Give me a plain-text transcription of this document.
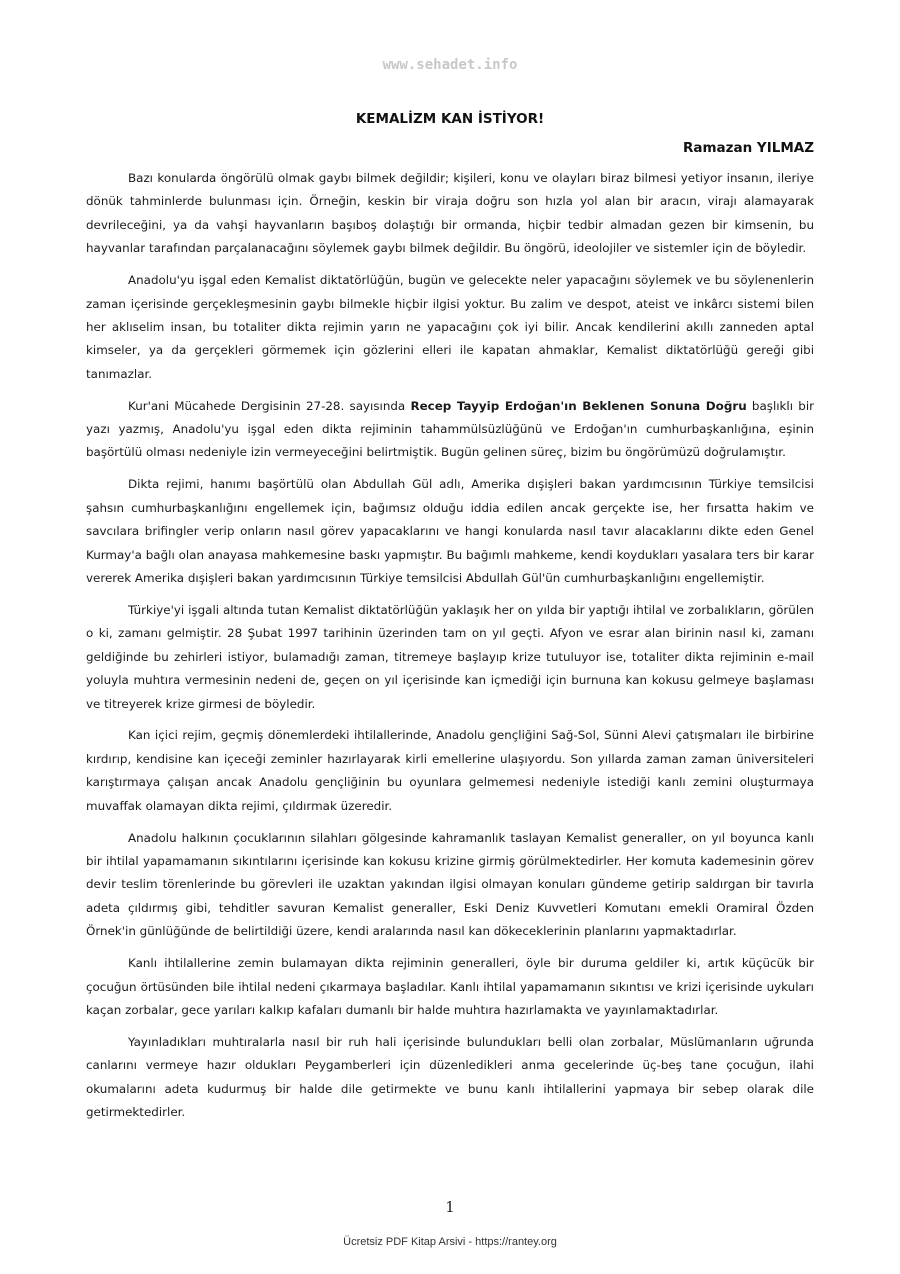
www.sehadet.info
KEMALİZM KAN İSTİYOR!
Ramazan YILMAZ

Bazı konularda öngörülü olmak gaybı bilmek değildir; kişileri, konu ve olayları biraz bilmesi yetiyor insanın, ileriye dönük tahminlerde bulunması için. Örneğin, keskin bir viraja doğru son hızla yol alan bir aracın, virajı alamayarak devrileceğini, ya da vahşi hayvanların başıboş dolaştığı bir ormanda, hiçbir tedbir almadan gezen bir kimsenin, bu hayvanlar tarafından parçalanacağını söylemek gaybı bilmek değildir. Bu öngörü, ideolojiler ve sistemler için de böyledir.

Anadolu'yu işgal eden Kemalist diktatörlüğün, bugün ve gelecekte neler yapacağını söylemek ve bu söylenenlerin zaman içerisinde gerçekleşmesinin gaybı bilmekle hiçbir ilgisi yoktur. Bu zalim ve despot, ateist ve inkârcı sistemi bilen her aklıselim insan, bu totaliter dikta rejimin yarın ne yapacağını çok iyi bilir. Ancak kendilerini akıllı zanneden aptal kimseler, ya da gerçekleri görmemek için gözlerini elleri ile kapatan ahmaklar, Kemalist diktatörlüğü gereği gibi tanımazlar.

Kur'ani Mücahede Dergisinin 27-28. sayısında Recep Tayyip Erdoğan'ın Beklenen Sonuna Doğru başlıklı bir yazı yazmış, Anadolu'yu işgal eden dikta rejiminin tahammülsüzlüğünü ve Erdoğan'ın cumhurbaşkanlığına, eşinin başörtülü olması nedeniyle izin vermeyeceğini belirtmiştik. Bugün gelinen süreç, bizim bu öngörümüzü doğrulamıştır.

Dikta rejimi, hanımı başörtülü olan Abdullah Gül adlı, Amerika dışişleri bakan yardımcısının Türkiye temsilcisi şahsın cumhurbaşkanlığını engellemek için, bağımsız olduğu iddia edilen ancak gerçekte ise, her fırsatta hakim ve savcılara brifingler verip onların nasıl görev yapacaklarını ve hangi konularda nasıl tavır alacaklarını dikte eden Genel Kurmay'a bağlı olan anayasa mahkemesine baskı yapmıştır. Bu bağımlı mahkeme, kendi koydukları yasalara ters bir karar vererek Amerika dışişleri bakan yardımcısının Türkiye temsilcisi Abdullah Gül'ün cumhurbaşkanlığını engellemiştir.

Türkiye'yi işgali altında tutan Kemalist diktatörlüğün yaklaşık her on yılda bir yaptığı ihtilal ve zorbalıkların, görülen o ki, zamanı gelmiştir. 28 Şubat 1997 tarihinin üzerinden tam on yıl geçti. Afyon ve esrar alan birinin nasıl ki, zamanı geldiğinde bu zehirleri istiyor, bulamadığı zaman, titremeye başlayıp krize tutuluyor ise, totaliter dikta rejiminin e-mail yoluyla muhtıra vermesinin nedeni de, geçen on yıl içerisinde kan içmediği için burnuna kan kokusu gelmeye başlaması ve titreyerek krize girmesi de böyledir.

Kan içici rejim, geçmiş dönemlerdeki ihtilallerinde, Anadolu gençliğini Sağ-Sol, Sünni Alevi çatışmaları ile birbirine kırdırıp, kendisine kan içeceği zeminler hazırlayarak kirli emellerine ulaşıyordu. Son yıllarda zaman zaman üniversiteleri karıştırmaya çalışan ancak Anadolu gençliğinin bu oyunlara gelmemesi nedeniyle istediği kanlı zemini oluşturmaya muvaffak olamayan dikta rejimi, çıldırmak üzeredir.

Anadolu halkının çocuklarının silahları gölgesinde kahramanlık taslayan Kemalist generaller, on yıl boyunca kanlı bir ihtilal yapamamanın sıkıntılarını içerisinde kan kokusu krizine girmiş görülmektedirler. Her komuta kademesinin görev devir teslim törenlerinde bu görevleri ile uzaktan yakından ilgisi olmayan konuları gündeme getirip saldırgan bir tavırla adeta çıldırmış gibi, tehditler savuran Kemalist generaller, Eski Deniz Kuvvetleri Komutanı emekli Oramiral Özden Örnek'in günlüğünde de belirtildiği üzere, kendi aralarında nasıl kan dökeceklerinin planlarını yapmaktadırlar.

Kanlı ihtilallerine zemin bulamayan dikta rejiminin generalleri, öyle bir duruma geldiler ki, artık küçücük bir çocuğun örtüsünden bile ihtilal nedeni çıkarmaya başladılar. Kanlı ihtilal yapamamanın sıkıntısı ve krizi içerisinde uykuları kaçan zorbalar, gece yarıları kalkıp kafaları dumanlı bir halde muhtıra hazırlamakta ve yayınlamaktadırlar.

Yayınladıkları muhtıralarla nasıl bir ruh hali içerisinde bulundukları belli olan zorbalar, Müslümanların uğrunda canlarını vermeye hazır oldukları Peygamberleri için düzenledikleri anma gecelerinde üç-beş tane çocuğun, ilahi okumalarını adeta kudurmuş bir halde dile getirmekte ve bunu kanlı ihtilallerini yapmaya bir sebep olarak dile getirmektedirler.

1
Ücretsiz PDF Kitap Arsivi - https://rantey.org
